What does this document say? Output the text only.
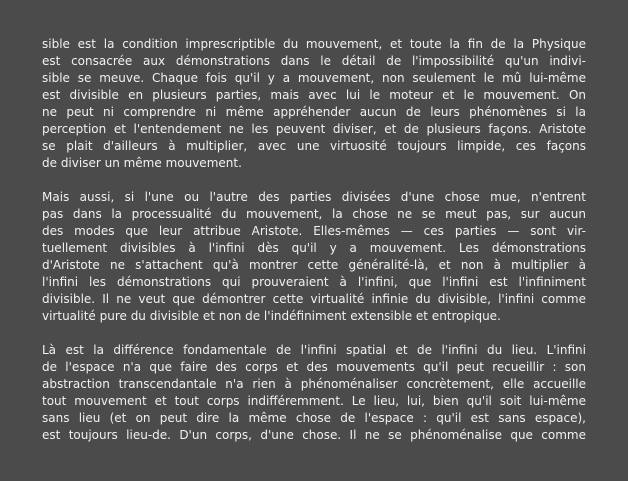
sible est la condition imprescriptible du mouvement, et toute la fin de la Physique
est consacrée aux démonstrations dans le détail de l'impossibilité qu'un indivi-
sible se meuve. Chaque fois qu'il y a mouvement, non seulement le mû lui-même
est divisible en plusieurs parties, mais avec lui le moteur et le mouvement. On
ne peut ni comprendre ni même appréhender aucun de leurs phénomènes si la
perception et l'entendement ne les peuvent diviser, et de plusieurs façons. Aristote
se plait d'ailleurs à multiplier, avec une virtuosité toujours limpide, ces façons
de diviser un même mouvement.
Mais aussi, si l'une ou l'autre des parties divisées d'une chose mue, n'entrent
pas dans la processualité du mouvement, la chose ne se meut pas, sur aucun
des modes que leur attribue Aristote. Elles-mêmes — ces parties — sont vir-
tuellement divisibles à l'infini dès qu'il y a mouvement. Les démonstrations
d'Aristote ne s'attachent qu'à montrer cette généralité-là, et non à multiplier à
l'infini les démonstrations qui prouveraient à l'infini, que l'infini est l'infiniment
divisible. Il ne veut que démontrer cette virtualité infinie du divisible, l'infini comme
virtualité pure du divisible et non de l'indéfiniment extensible et entropique.
Là est la différence fondamentale de l'infini spatial et de l'infini du lieu. L'infini
de l'espace n'a que faire des corps et des mouvements qu'il peut recueillir : son
abstraction transcendantale n'a rien à phénoménaliser concrètement, elle accueille
tout mouvement et tout corps indifféremment. Le lieu, lui, bien qu'il soit lui-même
sans lieu (et on peut dire la même chose de l'espace : qu'il est sans espace),
est toujours lieu-de. D'un corps, d'une chose. Il ne se phénoménalise que comme
